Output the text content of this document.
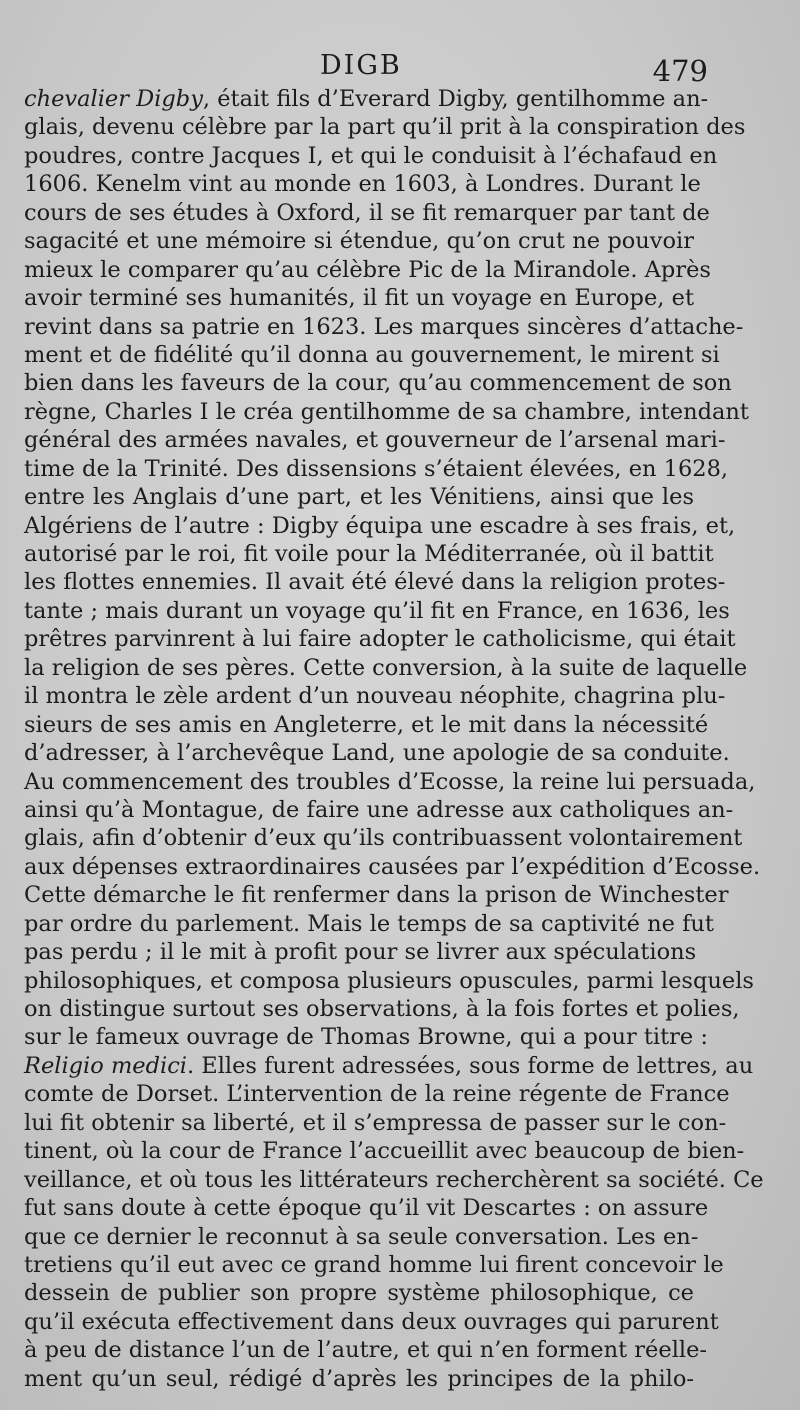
DIGB	479
chevalier Digby, était fils d’Everard Digby, gentilhomme an-
glais, devenu célèbre par la part qu’il prit à la conspiration des
poudres, contre Jacques I, et qui le conduisit à l’échafaud en
1606. Kenelm vint au monde en 1603, à Londres. Durant le
cours de ses études à Oxford, il se fit remarquer par tant de
sagacité et une mémoire si étendue, qu’on crut ne pouvoir
mieux le comparer qu’au célèbre Pic de la Mirandole. Après
avoir terminé ses humanités, il fit un voyage en Europe, et
revint dans sa patrie en 1623. Les marques sincères d’attache-
ment et de fidélité qu’il donna au gouvernement, le mirent si
bien dans les faveurs de la cour, qu’au commencement de son
règne, Charles I le créa gentilhomme de sa chambre, intendant
général des armées navales, et gouverneur de l’arsenal mari-
time de la Trinité. Des dissensions s’étaient élevées, en 1628,
entre les Anglais d’une part, et les Vénitiens, ainsi que les
Algériens de l’autre : Digby équipa une escadre à ses frais, et,
autorisé par le roi, fit voile pour la Méditerranée, où il battit
les flottes ennemies. Il avait été élevé dans la religion protes-
tante ; mais durant un voyage qu’il fit en France, en 1636, les
prêtres parvinrent à lui faire adopter le catholicisme, qui était
la religion de ses pères. Cette conversion, à la suite de laquelle
il montra le zèle ardent d’un nouveau néophite, chagrina plu-
sieurs de ses amis en Angleterre, et le mit dans la nécessité
d’adresser, à l’archevêque Land, une apologie de sa conduite.
Au commencement des troubles d’Ecosse, la reine lui persuada,
ainsi qu’à Montague, de faire une adresse aux catholiques an-
glais, afin d’obtenir d’eux qu’ils contribuassent volontairement
aux dépenses extraordinaires causées par l’expédition d’Ecosse.
Cette démarche le fit renfermer dans la prison de Winchester
par ordre du parlement. Mais le temps de sa captivité ne fut
pas perdu ; il le mit à profit pour se livrer aux spéculations
philosophiques, et composa plusieurs opuscules, parmi lesquels
on distingue surtout ses observations, à la fois fortes et polies,
sur le fameux ouvrage de Thomas Browne, qui a pour titre :
Religio medici. Elles furent adressées, sous forme de lettres, au
comte de Dorset. L’intervention de la reine régente de France
lui fit obtenir sa liberté, et il s’empressa de passer sur le con-
tinent, où la cour de France l’accueillit avec beaucoup de bien-
veillance, et où tous les littérateurs recherchèrent sa société. Ce
fut sans doute à cette époque qu’il vit Descartes : on assure
que ce dernier le reconnut à sa seule conversation. Les en-
tretiens qu’il eut avec ce grand homme lui firent concevoir le
dessein de publier son propre système philosophique, ce
qu’il exécuta effectivement dans deux ouvrages qui parurent
à peu de distance l’un de l’autre, et qui n’en forment réelle-
ment qu’un seul, rédigé d’après les principes de la philo-
